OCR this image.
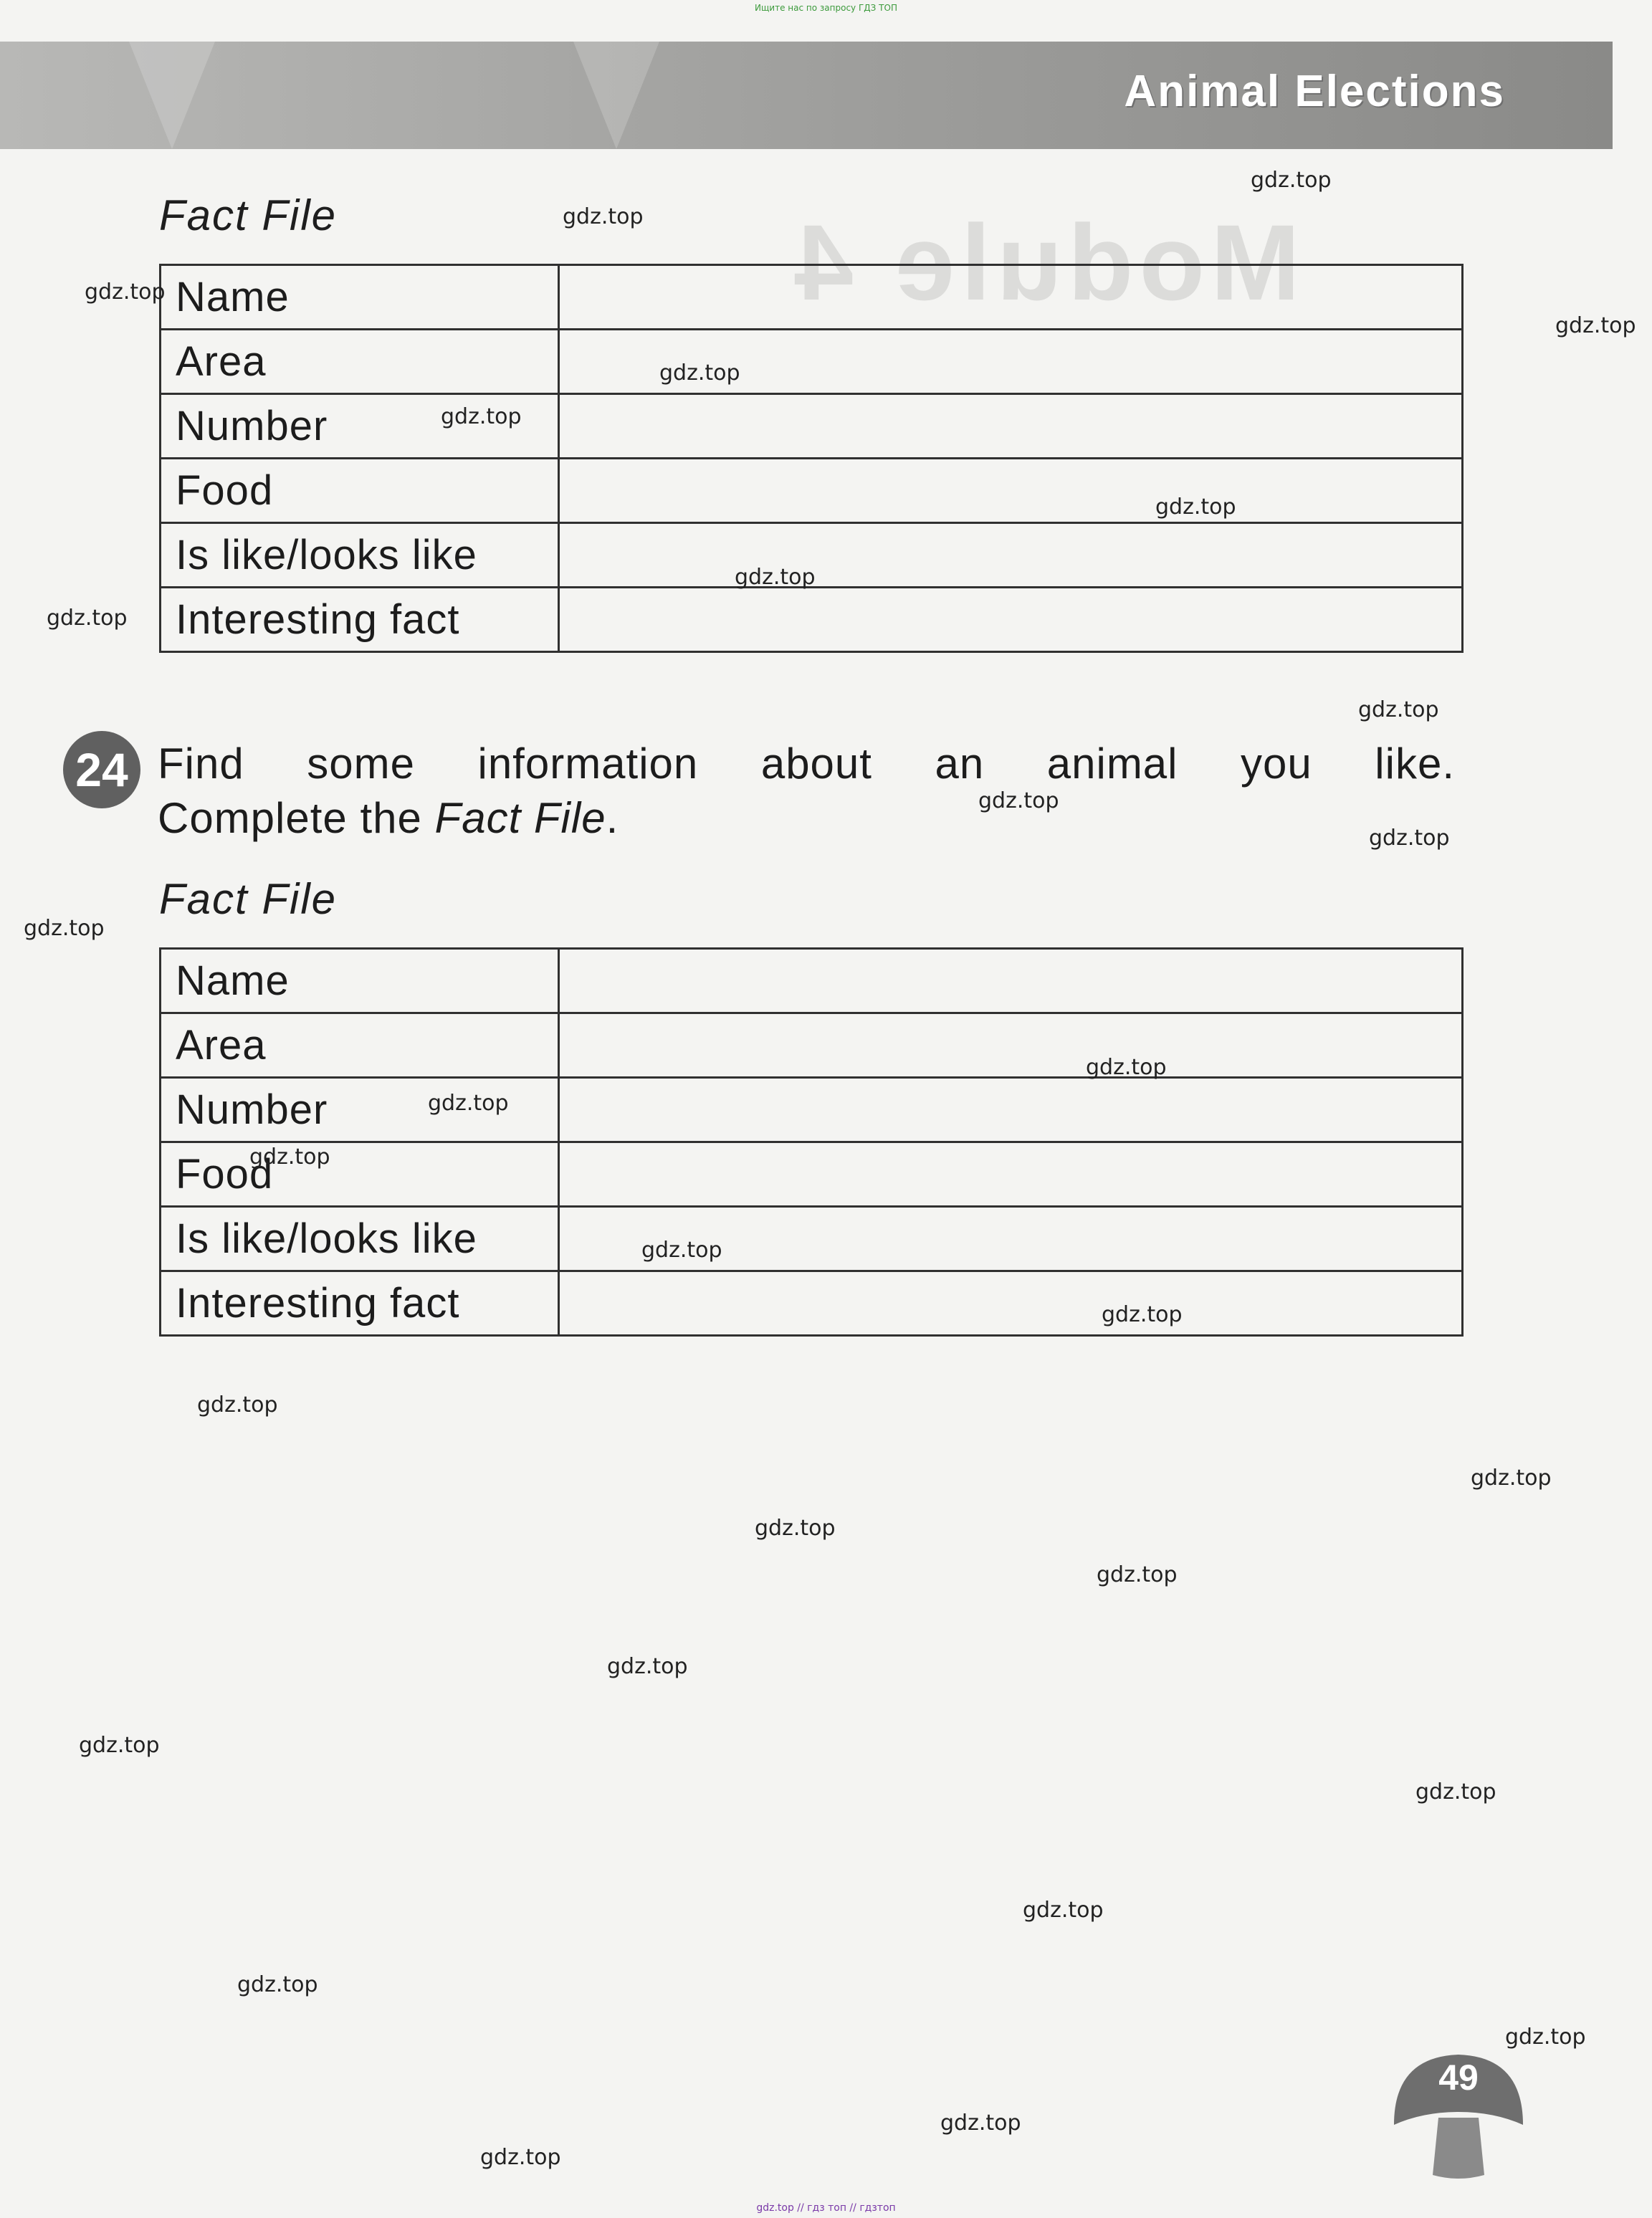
Ищите нас по запросу ГДЗ ТОП
Animal Elections
Module 4
Fact File
Name	
Area	
Number	
Food	
Is like/looks like	
Interesting fact	
24 Find some information about an animal you like.
Complete the Fact File.
Fact File
Name	
Area	
Number	
Food	
Is like/looks like	
Interesting fact	
gdz.top
gdz.top
gdz.top
gdz.top
gdz.top
gdz.top
gdz.top
gdz.top
gdz.top
gdz.top
gdz.top
gdz.top
gdz.top
gdz.top
gdz.top
gdz.top
gdz.top
gdz.top
gdz.top
gdz.top
gdz.top
gdz.top
gdz.top
gdz.top
gdz.top
gdz.top
gdz.top
gdz.top
gdz.top
gdz.top
49
gdz.top // гдз топ // гдзтоп
